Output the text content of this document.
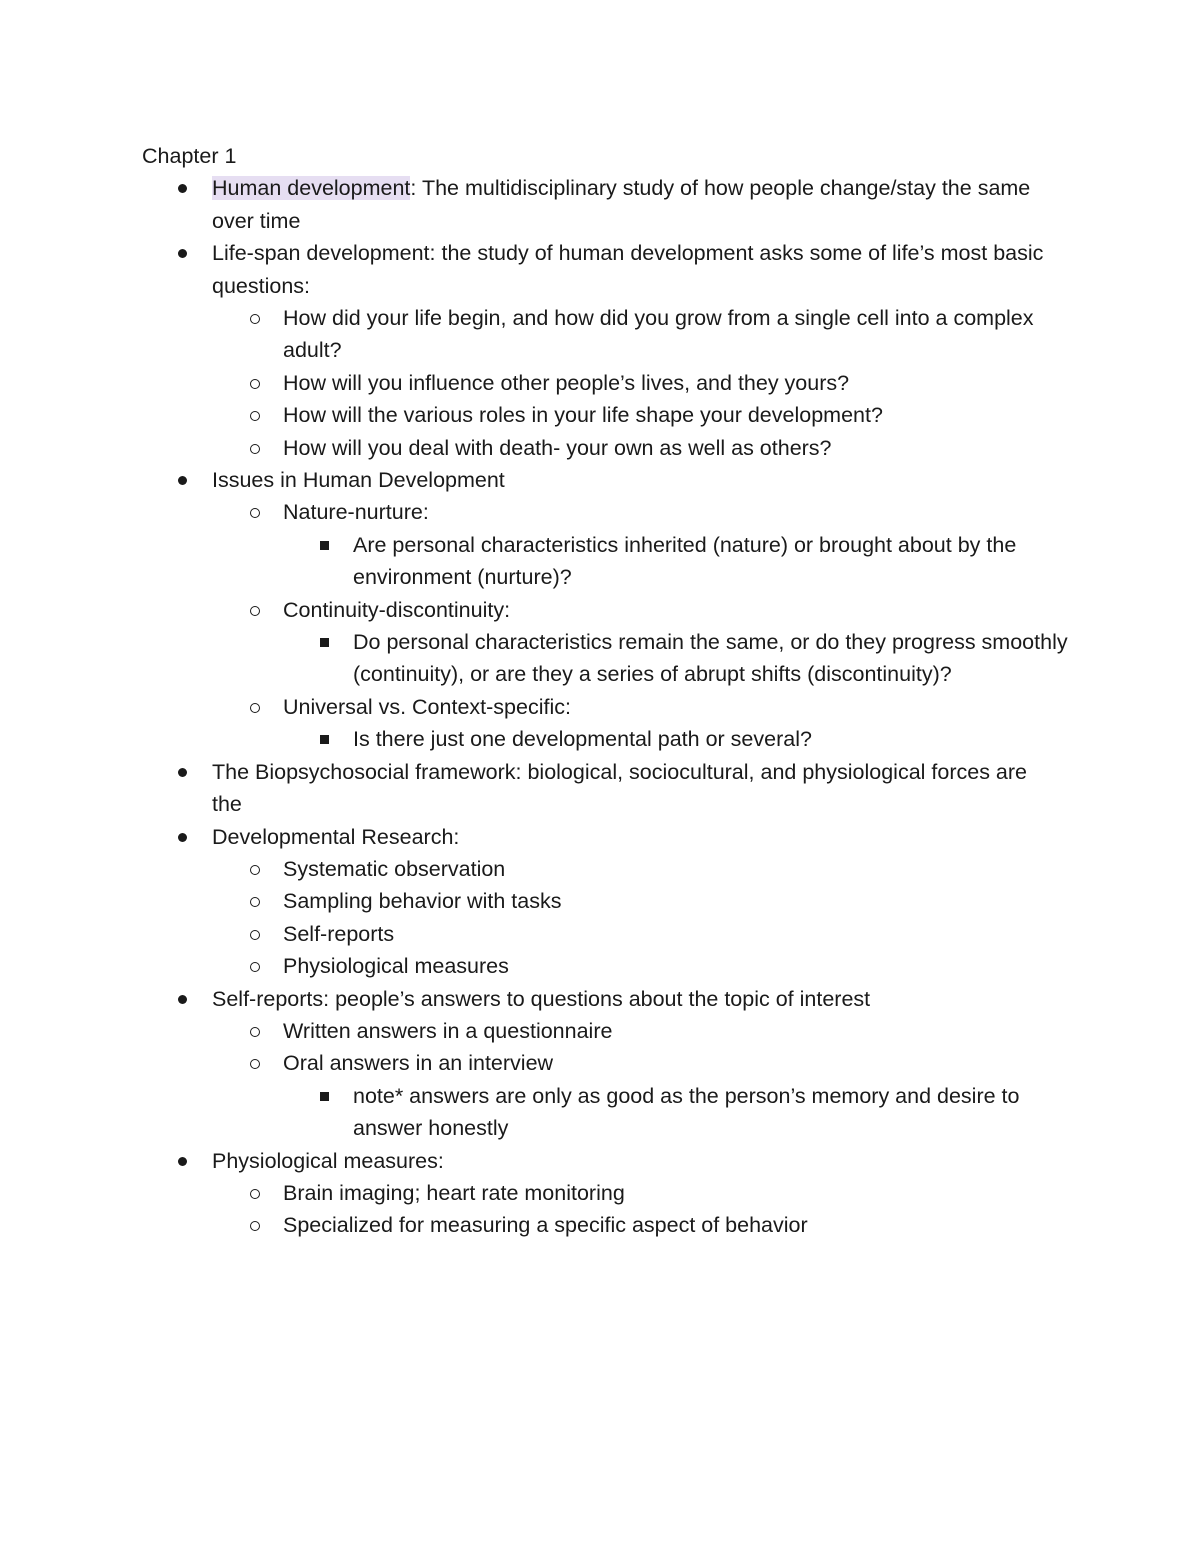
Chapter 1
Human development: The multidisciplinary study of how people change/stay the same over time
Life-span development: the study of human development asks some of life’s most basic questions:
How did your life begin, and how did you grow from a single cell into a complex adult?
How will you influence other people’s lives, and they yours?
How will the various roles in your life shape your development?
How will you deal with death- your own as well as others?
Issues in Human Development
Nature-nurture:
Are personal characteristics inherited (nature) or brought about by the environment (nurture)?
Continuity-discontinuity:
Do personal characteristics remain the same, or do they progress smoothly (continuity), or are they a series of abrupt shifts (discontinuity)?
Universal vs. Context-specific:
Is there just one developmental path or several?
The Biopsychosocial framework: biological, sociocultural, and physiological forces are the
Developmental Research:
Systematic observation
Sampling behavior with tasks
Self-reports
Physiological measures
Self-reports: people’s answers to questions about the topic of interest
Written answers in a questionnaire
Oral answers in an interview
note* answers are only as good as the person’s memory and desire to answer honestly
Physiological measures:
Brain imaging; heart rate monitoring
Specialized for measuring a specific aspect of behavior
